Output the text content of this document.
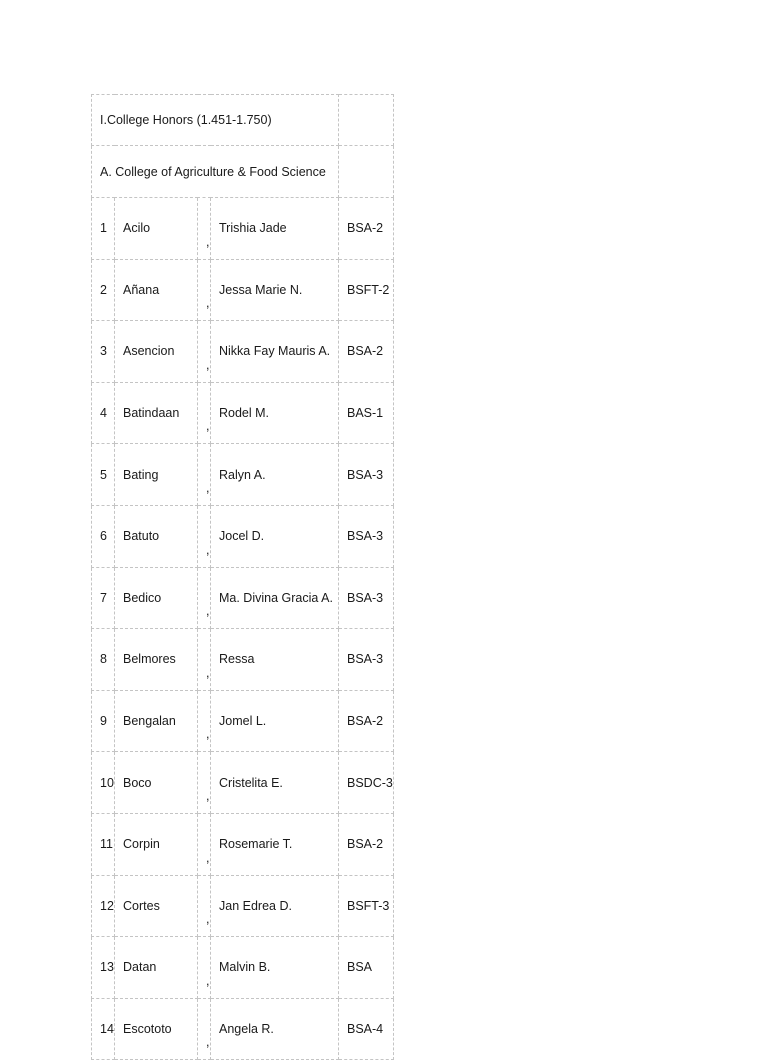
I.College Honors (1.451-1.750)				
A. College of Agriculture & Food Science				
1	Acilo	,	Trishia Jade	BSA-2
2	Añana	,	Jessa Marie N.	BSFT-2
3	Asencion	,	Nikka Fay Mauris A.	BSA-2
4	Batindaan	,	Rodel M.	BAS-1
5	Bating	,	Ralyn A.	BSA-3
6	Batuto	,	Jocel D.	BSA-3
7	Bedico	,	Ma. Divina Gracia A.	BSA-3
8	Belmores	,	Ressa	BSA-3
9	Bengalan	,	Jomel L.	BSA-2
10	Boco	,	Cristelita E.	BSDC-3
11	Corpin	,	Rosemarie T.	BSA-2
12	Cortes	,	Jan Edrea D.	BSFT-3
13	Datan	,	Malvin B.	BSA
14	Escototo	,	Angela R.	BSA-4
